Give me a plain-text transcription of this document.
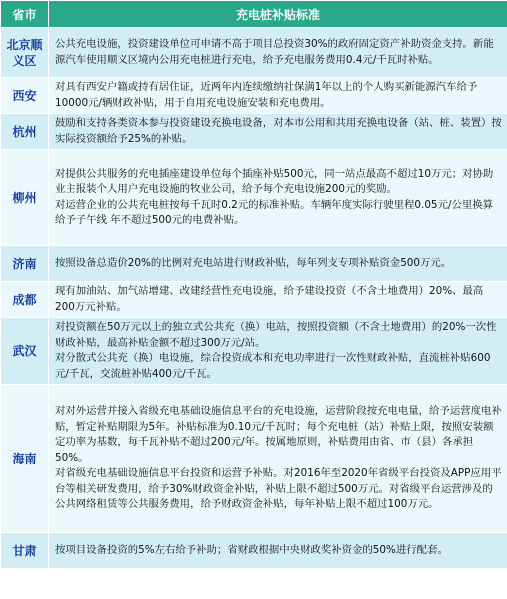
省市	充电桩补贴标准
北京顺义区	公共充电设施，投资建设单位可申请不高于项目总投资30%的政府固定资产补助资金支持。新能源汽车使用顺义区境内公用充电桩进行充电，给予充电服务费用0.4元/千瓦时补贴。

西安	对具有西安户籍或持有居住证，近两年内连续缴纳社保满1年以上的个人购买新能源汽车给予10000元/辆财政补贴，用于自用充电设施安装和充电费用。

杭州	鼓励和支持各类资本参与投资建设充换电设备，对本市公用和共用充换电设备（站、桩、装置）按实际投资额给予25%的补贴。

柳州	对提供公共服务的充电插座建设单位每个插座补贴500元，同一站点最高不超过10万元；对协助业主报装个人用户充电设施的牧业公司，给予每个充电设施200元的奖励。
对运营企业的公共充电桩按每千瓦时0.2元的标准补贴。车辆年度实际行驶里程0.05元/公里换算给予子午线 年不超过500元的电费补贴。

济南	按照设备总造价20%的比例对充电站进行财政补贴，每年列支专项补贴资金500万元。

成都	现有加油站、加气站增建、改建经营性充电设施，给予建设投资（不含土地费用）20%、最高200万元补贴。

武汉	对投资额在50万元以上的独立式公共充（换）电站，按照投资额（不含土地费用）的20%一次性财政补贴，最高补贴金额不超过300万元/站。
对分散式公共充（换）电设施，综合投资成本和充电功率进行一次性财政补贴，直流桩补贴600元/千瓦，交流桩补贴400元/千瓦。

海南	对对外运营并接入省级充电基础设施信息平台的充电设施，运营阶段按充电电量，给予运营度电补贴，暂定补贴期限为5年。补贴标准为0.10元/千瓦时；每个充电桩（站）补贴上限，按照安装额定功率为基数，每千瓦补贴不超过200元/年。按属地原则，补贴费用由省、市（县）各承担50%。
对省级充电基础设施信息平台投资和运营予补贴。对2016年至2020年省级平台投资及APP应用平台等相关研发费用，给予30%财政资金补贴，补贴上限不超过500万元。对省级平台运营涉及的公共网络租赁等公共服务费用，给予财政资金补贴，每年补贴上限不超过100万元。

甘肃	按项目设备投资的5%左右给予补助；省财政根据中央财政奖补资金的50%进行配套。
